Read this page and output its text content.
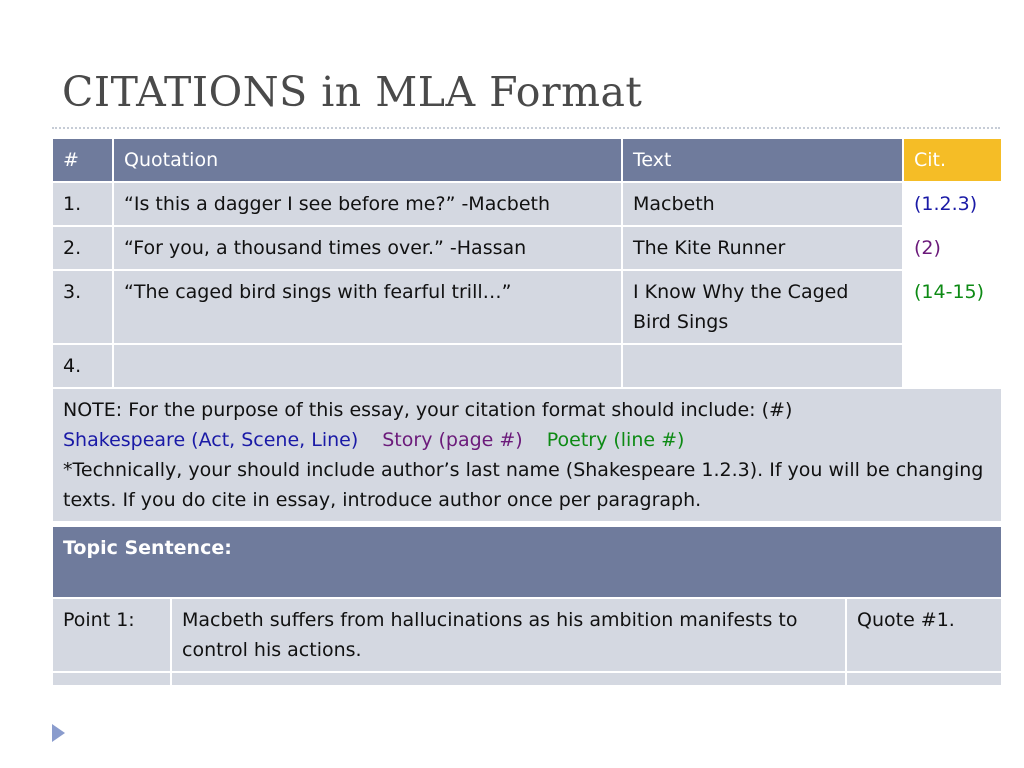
CITATIONS in MLA Format
#	Quotation	Text	Cit.
1.	“Is this a dagger I see before me?” -Macbeth	Macbeth	(1.2.3)
2.	“For you, a thousand times over.” -Hassan	The Kite Runner	(2)
3.	“The caged bird sings with fearful trill…”	I Know Why the Caged Bird Sings	(14-15)
4.			

NOTE: For the purpose of this essay, your citation format should include: (#)
Shakespeare (Act, Scene, Line) Story (page #) Poetry (line #)
*Technically, your should include author’s last name (Shakespeare 1.2.3). If you will be changing texts. If you do cite in essay, introduce author once per paragraph.			
Topic Sentence:		
Point 1:	Macbeth suffers from hallucinations as his ambition manifests to control his actions.	Quote #1.
